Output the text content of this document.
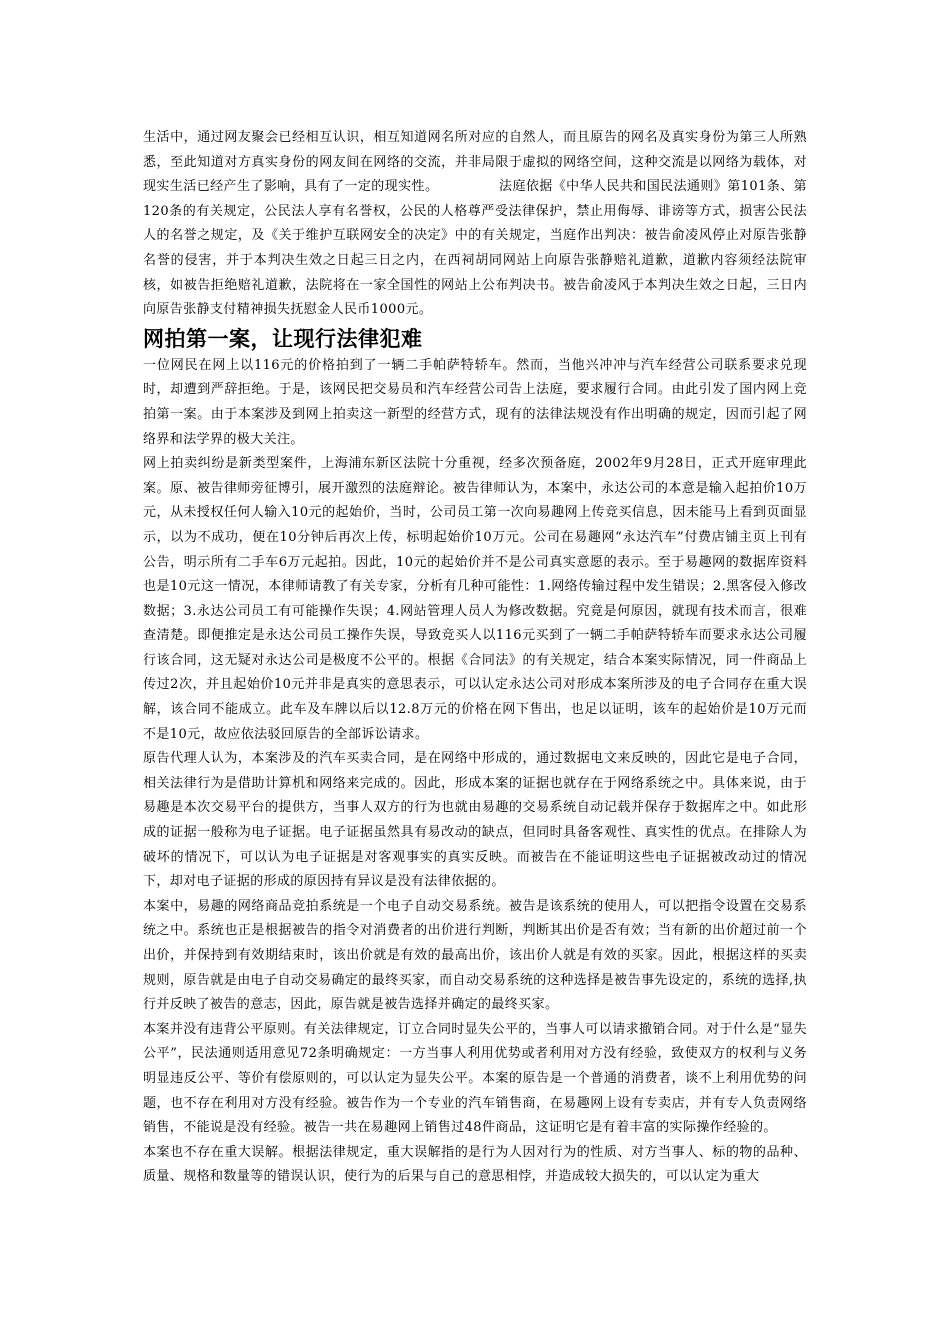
生活中，通过网友聚会已经相互认识，相互知道网名所对应的自然人，而且原告的网名及真实身份为第三人所熟悉，至此知道对方真实身份的网友间在网络的交流，并非局限于虚拟的网络空间，这种交流是以网络为载体，对现实生活已经产生了影响，具有了一定的现实性。　　　　　法庭依据《中华人民共和国民法通则》第101条、第120条的有关规定，公民法人享有名誉权，公民的人格尊严受法律保护，禁止用侮辱、诽谤等方式，损害公民法人的名誉之规定，及《关于维护互联网安全的决定》中的有关规定，当庭作出判决：被告俞凌风停止对原告张静名誉的侵害，并于本判决生效之日起三日之内，在西祠胡同网站上向原告张静赔礼道歉，道歉内容须经法院审核，如被告拒绝赔礼道歉，法院将在一家全国性的网站上公布判决书。被告俞凌风于本判决生效之日起，三日内向原告张静支付精神损失抚慰金人民币1000元。

网拍第一案，让现行法律犯难

一位网民在网上以116元的价格拍到了一辆二手帕萨特轿车。然而，当他兴冲冲与汽车经营公司联系要求兑现时，却遭到严辞拒绝。于是，该网民把交易员和汽车经营公司告上法庭，要求履行合同。由此引发了国内网上竞拍第一案。由于本案涉及到网上拍卖这一新型的经营方式，现有的法律法规没有作出明确的规定，因而引起了网络界和法学界的极大关注。

网上拍卖纠纷是新类型案件，上海浦东新区法院十分重视，经多次预备庭，2002年9月28日，正式开庭审理此案。原、被告律师旁征博引，展开激烈的法庭辩论。被告律师认为，本案中，永达公司的本意是输入起拍价10万元，从未授权任何人输入10元的起始价，当时，公司员工第一次向易趣网上传竞买信息，因未能马上看到页面显示，以为不成功，便在10分钟后再次上传，标明起始价10万元。公司在易趣网“永达汽车”付费店铺主页上刊有公告，明示所有二手车6万元起拍。因此，10元的起始价并不是公司真实意愿的表示。至于易趣网的数据库资料也是10元这一情况，本律师请教了有关专家，分析有几种可能性：1.网络传输过程中发生错误；2.黑客侵入修改数据；3.永达公司员工有可能操作失误；4.网站管理人员人为修改数据。究竟是何原因，就现有技术而言，很难查清楚。即便推定是永达公司员工操作失误，导致竞买人以116元买到了一辆二手帕萨特轿车而要求永达公司履行该合同，这无疑对永达公司是极度不公平的。根据《合同法》的有关规定，结合本案实际情况，同一件商品上传过2次，并且起始价10元并非是真实的意思表示，可以认定永达公司对形成本案所涉及的电子合同存在重大误解，该合同不能成立。此车及车牌以后以12.8万元的价格在网下售出，也足以证明，该车的起始价是10万元而不是10元，故应依法驳回原告的全部诉讼请求。

原告代理人认为，本案涉及的汽车买卖合同，是在网络中形成的，通过数据电文来反映的，因此它是电子合同，相关法律行为是借助计算机和网络来完成的。因此，形成本案的证据也就存在于网络系统之中。具体来说，由于易趣是本次交易平台的提供方，当事人双方的行为也就由易趣的交易系统自动记载并保存于数据库之中。如此形成的证据一般称为电子证据。电子证据虽然具有易改动的缺点，但同时具备客观性、真实性的优点。在排除人为破坏的情况下，可以认为电子证据是对客观事实的真实反映。而被告在不能证明这些电子证据被改动过的情况下，却对电子证据的形成的原因持有异议是没有法律依据的。

本案中，易趣的网络商品竞拍系统是一个电子自动交易系统。被告是该系统的使用人，可以把指令设置在交易系统之中。系统也正是根据被告的指令对消费者的出价进行判断，判断其出价是否有效；当有新的出价超过前一个出价，并保持到有效期结束时，该出价就是有效的最高出价，该出价人就是有效的买家。因此，根据这样的买卖规则，原告就是由电子自动交易确定的最终买家，而自动交易系统的这种选择是被告事先设定的，系统的选择,执行并反映了被告的意志，因此，原告就是被告选择并确定的最终买家。

本案并没有违背公平原则。有关法律规定，订立合同时显失公平的，当事人可以请求撤销合同。对于什么是“显失公平”，民法通则适用意见72条明确规定：一方当事人利用优势或者利用对方没有经验，致使双方的权利与义务明显违反公平、等价有偿原则的，可以认定为显失公平。本案的原告是一个普通的消费者，谈不上利用优势的问题，也不存在利用对方没有经验。被告作为一个专业的汽车销售商，在易趣网上设有专卖店，并有专人负责网络销售，不能说是没有经验。被告一共在易趣网上销售过48件商品，这证明它是有着丰富的实际操作经验的。

本案也不存在重大误解。根据法律规定，重大误解指的是行为人因对行为的性质、对方当事人、标的物的品种、质量、规格和数量等的错误认识，使行为的后果与自己的意思相悖，并造成较大损失的，可以认定为重大
